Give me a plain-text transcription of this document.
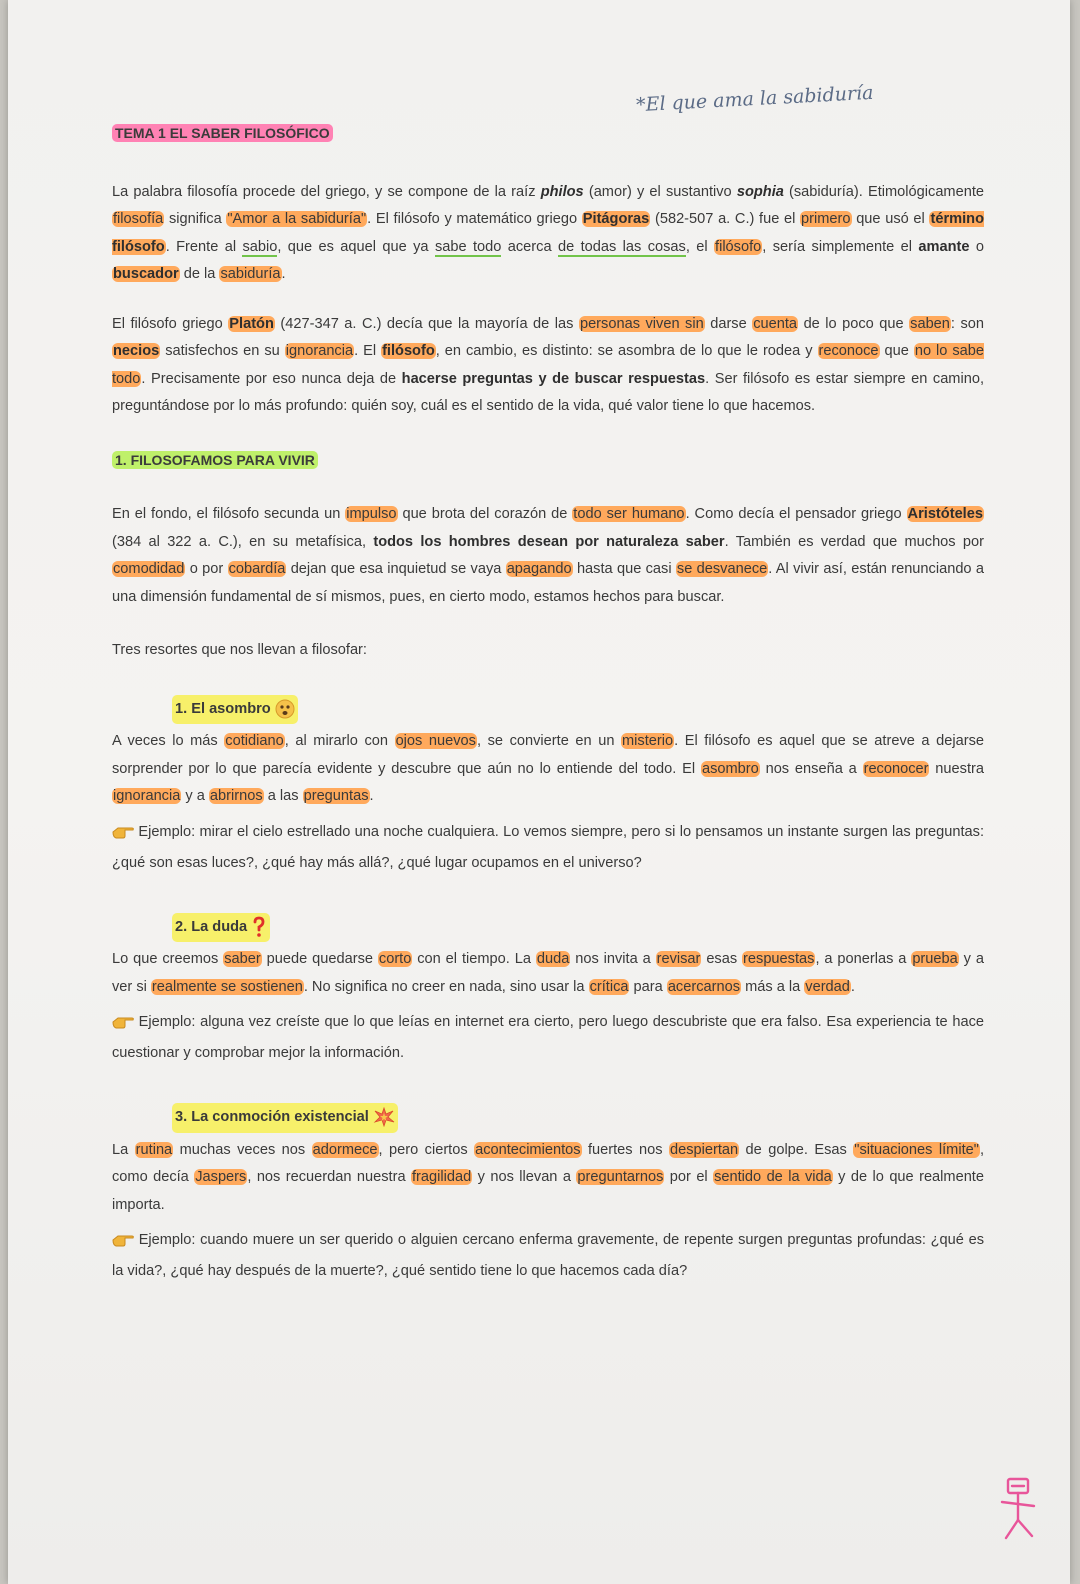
*El que ama la sabiduría
TEMA 1 EL SABER FILOSÓFICO

La palabra filosofía procede del griego, y se compone de la raíz philos (amor) y el sustantivo sophia (sabiduría). Etimológicamente filosofía significa "Amor a la sabiduría". El filósofo y matemático griego Pitágoras (582-507 a. C.) fue el primero que usó el término filósofo. Frente al sabio, que es aquel que ya sabe todo acerca de todas las cosas, el filósofo, sería simplemente el amante o buscador de la sabiduría.

El filósofo griego Platón (427-347 a. C.) decía que la mayoría de las personas viven sin darse cuenta de lo poco que saben: son necios satisfechos en su ignorancia. El filósofo, en cambio, es distinto: se asombra de lo que le rodea y reconoce que no lo sabe todo. Precisamente por eso nunca deja de hacerse preguntas y de buscar respuestas. Ser filósofo es estar siempre en camino, preguntándose por lo más profundo: quién soy, cuál es el sentido de la vida, qué valor tiene lo que hacemos.

1. FILOSOFAMOS PARA VIVIR

En el fondo, el filósofo secunda un impulso que brota del corazón de todo ser humano. Como decía el pensador griego Aristóteles (384 al 322 a. C.), en su metafísica, todos los hombres desean por naturaleza saber. También es verdad que muchos por comodidad o por cobardía dejan que esa inquietud se vaya apagando hasta que casi se desvanece. Al vivir así, están renunciando a una dimensión fundamental de sí mismos, pues, en cierto modo, estamos hechos para buscar.

Tres resortes que nos llevan a filosofar:

1. El asombro

A veces lo más cotidiano, al mirarlo con ojos nuevos, se convierte en un misterio. El filósofo es aquel que se atreve a dejarse sorprender por lo que parecía evidente y descubre que aún no lo entiende del todo. El asombro nos enseña a reconocer nuestra ignorancia y a abrirnos a las preguntas.

Ejemplo: mirar el cielo estrellado una noche cualquiera. Lo vemos siempre, pero si lo pensamos un instante surgen las preguntas: ¿qué son esas luces?, ¿qué hay más allá?, ¿qué lugar ocupamos en el universo?

2. La duda

Lo que creemos saber puede quedarse corto con el tiempo. La duda nos invita a revisar esas respuestas, a ponerlas a prueba y a ver si realmente se sostienen. No significa no creer en nada, sino usar la crítica para acercarnos más a la verdad.

Ejemplo: alguna vez creíste que lo que leías en internet era cierto, pero luego descubriste que era falso. Esa experiencia te hace cuestionar y comprobar mejor la información.

3. La conmoción existencial

La rutina muchas veces nos adormece, pero ciertos acontecimientos fuertes nos despiertan de golpe. Esas "situaciones límite", como decía Jaspers, nos recuerdan nuestra fragilidad y nos llevan a preguntarnos por el sentido de la vida y de lo que realmente importa.

Ejemplo: cuando muere un ser querido o alguien cercano enferma gravemente, de repente surgen preguntas profundas: ¿qué es la vida?, ¿qué hay después de la muerte?, ¿qué sentido tiene lo que hacemos cada día?
